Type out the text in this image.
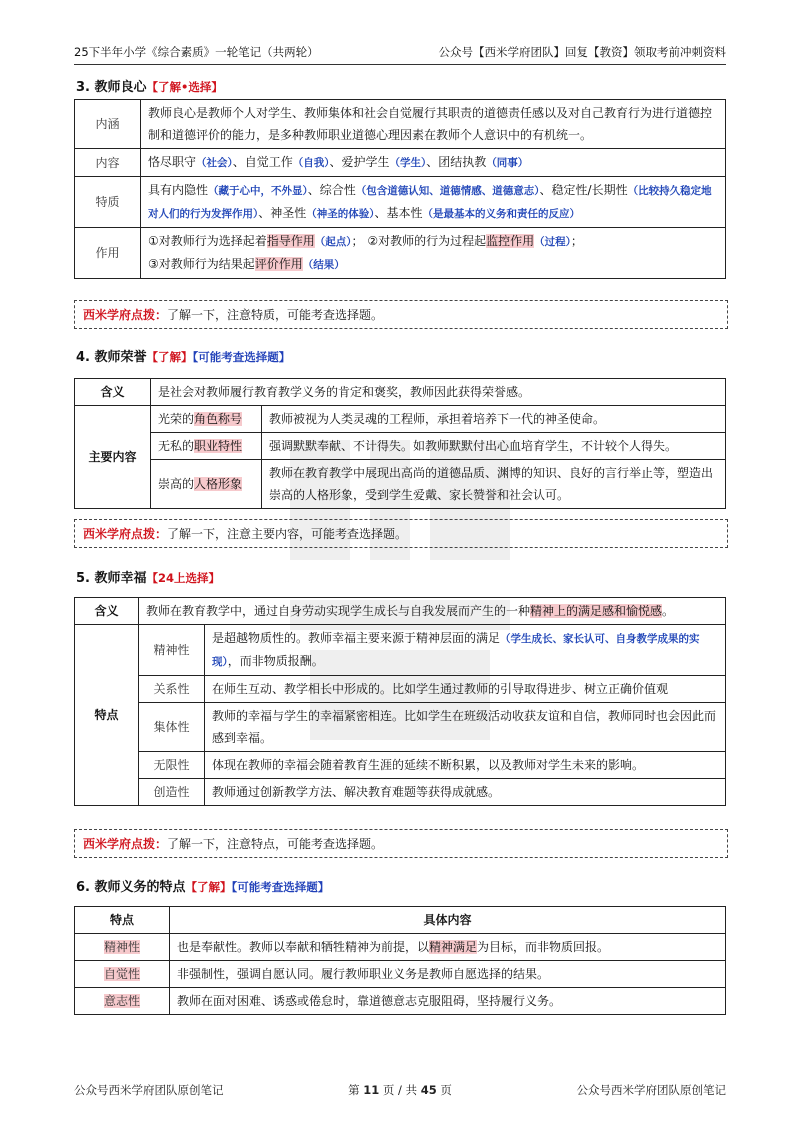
25下半年小学《综合素质》一轮笔记（共两轮）	公众号【西米学府团队】回复【教资】领取考前冲刺资料
3. 教师良心【了解•选择】
内涵	教师良心是教师个人对学生、教师集体和社会自觉履行其职责的道德责任感以及对自己教育行为进行道德控制和道德评价的能力，是多种教师职业道德心理因素在教师个人意识中的有机统一。
内容	恪尽职守（社会）、自觉工作（自我）、爱护学生（学生）、团结执教（同事）
特质	具有内隐性（藏于心中，不外显）、综合性（包含道德认知、道德情感、道德意志）、稳定性/长期性（比较持久稳定地对人们的行为发挥作用）、神圣性（神圣的体验）、基本性（是最基本的义务和责任的反应）
作用	①对教师行为选择起着指导作用（起点）； ②对教师的行为过程起监控作用（过程）；
③对教师行为结果起评价作用（结果）
西米学府点拨：了解一下，注意特质，可能考查选择题。
4. 教师荣誉【了解】【可能考查选择题】
含义	是社会对教师履行教育教学义务的肯定和褒奖，教师因此获得荣誉感。	
主要内容	光荣的角色称号	教师被视为人类灵魂的工程师，承担着培养下一代的神圣使命。
	无私的职业特性	强调默默奉献、不计得失。如教师默默付出心血培育学生，不计较个人得失。
	崇高的人格形象	教师在教育教学中展现出高尚的道德品质、渊博的知识、良好的言行举止等，塑造出崇高的人格形象，受到学生爱戴、家长赞誉和社会认可。
西米学府点拨：了解一下，注意主要内容，可能考查选择题。
5. 教师幸福【24上选择】
含义	教师在教育教学中，通过自身劳动实现学生成长与自我发展而产生的一种精神上的满足感和愉悦感。	
特点	精神性	是超越物质性的。教师幸福主要来源于精神层面的满足（学生成长、家长认可、自身教学成果的实现），而非物质报酬。
	关系性	在师生互动、教学相长中形成的。比如学生通过教师的引导取得进步、树立正确价值观
	集体性	教师的幸福与学生的幸福紧密相连。比如学生在班级活动收获友谊和自信，教师同时也会因此而感到幸福。
	无限性	体现在教师的幸福会随着教育生涯的延续不断积累，以及教师对学生未来的影响。
	创造性	教师通过创新教学方法、解决教育难题等获得成就感。
西米学府点拨：了解一下，注意特点，可能考查选择题。
6. 教师义务的特点【了解】【可能考查选择题】
特点	具体内容
精神性	也是奉献性。教师以奉献和牺牲精神为前提，以精神满足为目标，而非物质回报。
自觉性	非强制性，强调自愿认同。履行教师职业义务是教师自愿选择的结果。
意志性	教师在面对困难、诱惑或倦怠时，靠道德意志克服阻碍，坚持履行义务。
公众号西米学府团队原创笔记	第 11 页 / 共 45 页	公众号西米学府团队原创笔记
